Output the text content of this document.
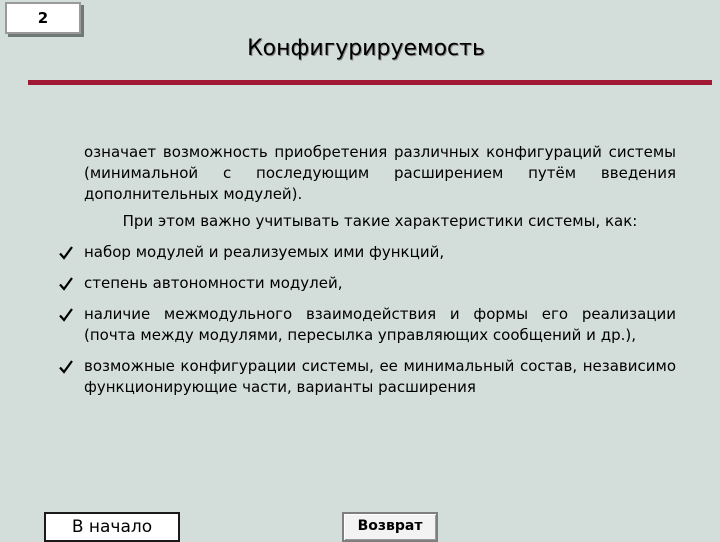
2
Конфигурируемость

означает возможность приобретения различных конфигураций системы (минимальной с последующим расширением путём введения дополнительных модулей).

При этом важно учитывать такие характеристики системы, как:

набор модулей и реализуемых ими функций,
степень автономности модулей,
наличие межмодульного взаимодействия и формы его реализации (почта между модулями, пересылка управляющих сообщений и др.),
возможные конфигурации системы, ее минимальный состав, независимо функционирующие части, варианты расширения
В начало	Возврат
